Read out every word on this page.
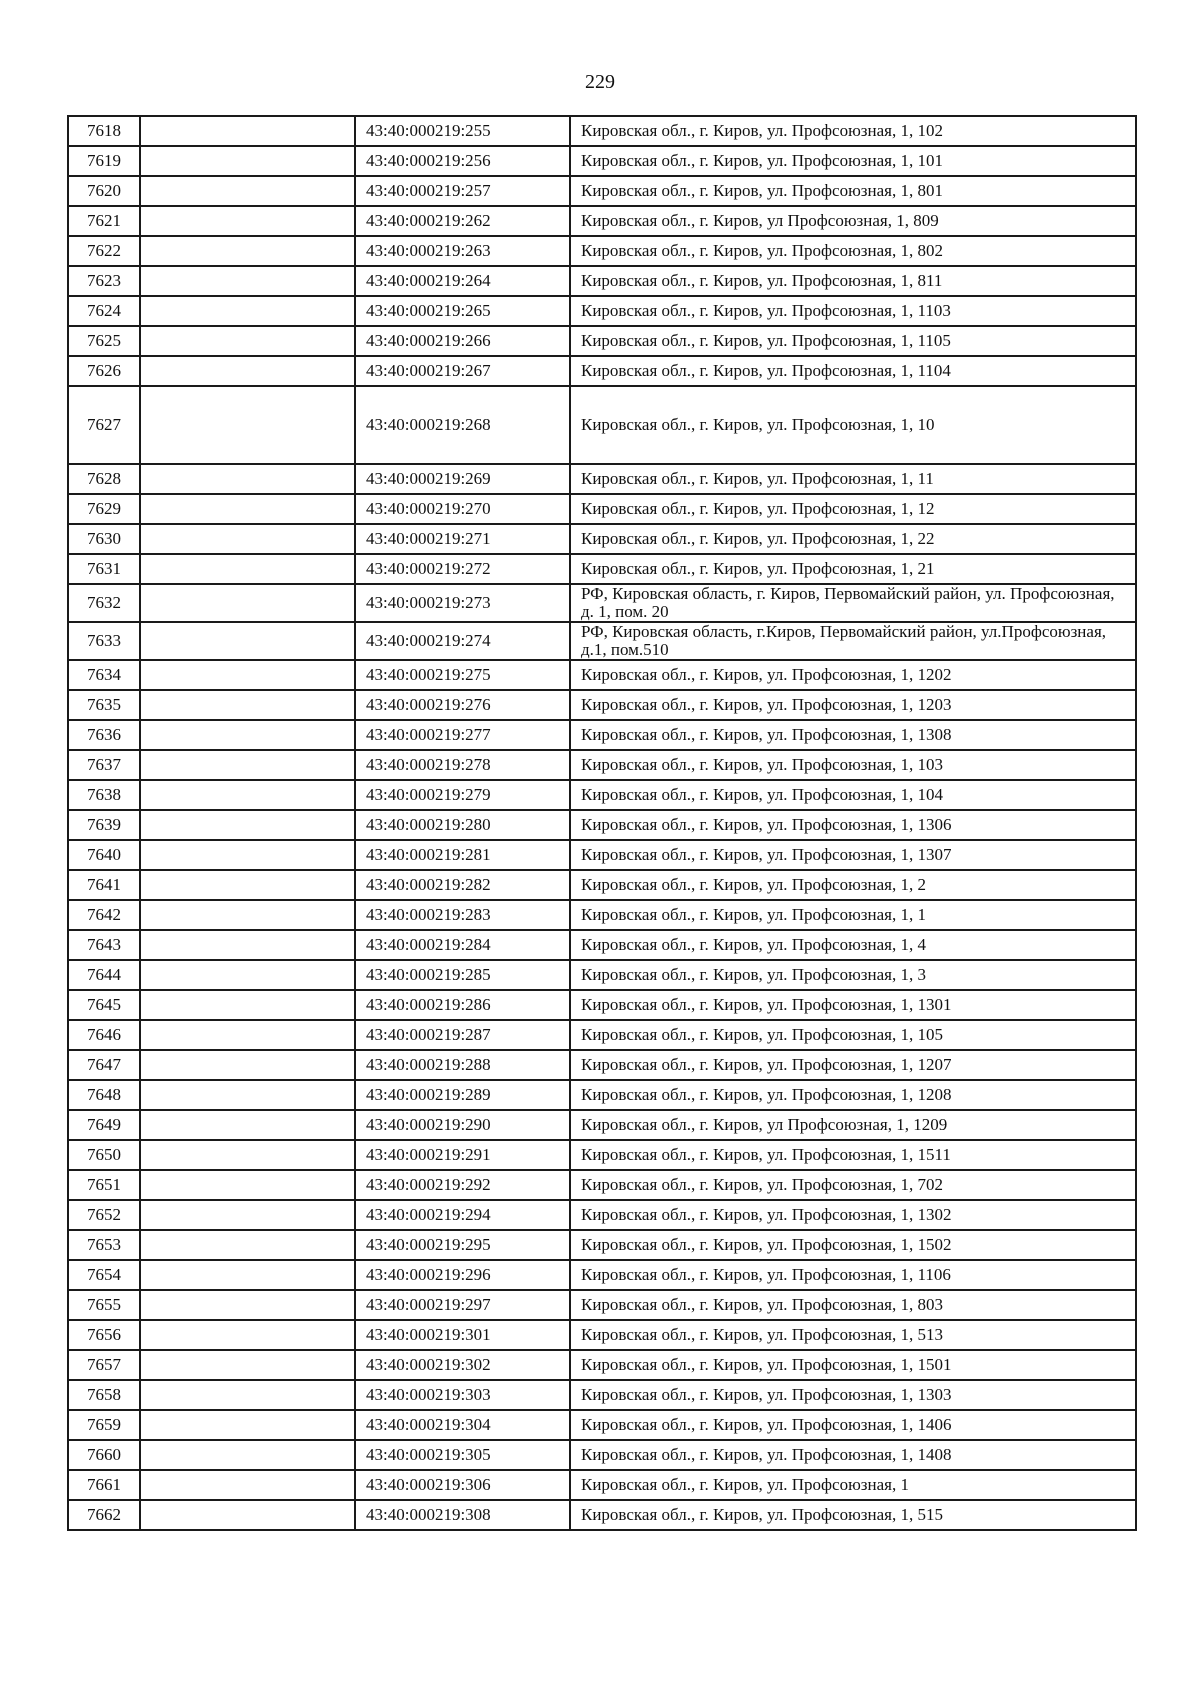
229
7618		43:40:000219:255	Кировская обл., г. Киров, ул. Профсоюзная, 1, 102
7619		43:40:000219:256	Кировская обл., г. Киров, ул. Профсоюзная, 1, 101
7620		43:40:000219:257	Кировская обл., г. Киров, ул. Профсоюзная, 1, 801
7621		43:40:000219:262	Кировская обл., г. Киров, ул Профсоюзная, 1, 809
7622		43:40:000219:263	Кировская обл., г. Киров, ул. Профсоюзная, 1, 802
7623		43:40:000219:264	Кировская обл., г. Киров, ул. Профсоюзная, 1, 811
7624		43:40:000219:265	Кировская обл., г. Киров, ул. Профсоюзная, 1, 1103
7625		43:40:000219:266	Кировская обл., г. Киров, ул. Профсоюзная, 1, 1105
7626		43:40:000219:267	Кировская обл., г. Киров, ул. Профсоюзная, 1, 1104
7627		43:40:000219:268	Кировская обл., г. Киров, ул. Профсоюзная, 1, 10
7628		43:40:000219:269	Кировская обл., г. Киров, ул. Профсоюзная, 1, 11
7629		43:40:000219:270	Кировская обл., г. Киров, ул. Профсоюзная, 1, 12
7630		43:40:000219:271	Кировская обл., г. Киров, ул. Профсоюзная, 1, 22
7631		43:40:000219:272	Кировская обл., г. Киров, ул. Профсоюзная, 1, 21
7632		43:40:000219:273	РФ, Кировская область, г. Киров, Первомайский район, ул. Профсоюзная, д. 1, пом. 20
7633		43:40:000219:274	РФ, Кировская область, г.Киров, Первомайский район, ул.Профсоюзная, д.1, пом.510
7634		43:40:000219:275	Кировская обл., г. Киров, ул. Профсоюзная, 1, 1202
7635		43:40:000219:276	Кировская обл., г. Киров, ул. Профсоюзная, 1, 1203
7636		43:40:000219:277	Кировская обл., г. Киров, ул. Профсоюзная, 1, 1308
7637		43:40:000219:278	Кировская обл., г. Киров, ул. Профсоюзная, 1, 103
7638		43:40:000219:279	Кировская обл., г. Киров, ул. Профсоюзная, 1, 104
7639		43:40:000219:280	Кировская обл., г. Киров, ул. Профсоюзная, 1, 1306
7640		43:40:000219:281	Кировская обл., г. Киров, ул. Профсоюзная, 1, 1307
7641		43:40:000219:282	Кировская обл., г. Киров, ул. Профсоюзная, 1, 2
7642		43:40:000219:283	Кировская обл., г. Киров, ул. Профсоюзная, 1, 1
7643		43:40:000219:284	Кировская обл., г. Киров, ул. Профсоюзная, 1, 4
7644		43:40:000219:285	Кировская обл., г. Киров, ул. Профсоюзная, 1, 3
7645		43:40:000219:286	Кировская обл., г. Киров, ул. Профсоюзная, 1, 1301
7646		43:40:000219:287	Кировская обл., г. Киров, ул. Профсоюзная, 1, 105
7647		43:40:000219:288	Кировская обл., г. Киров, ул. Профсоюзная, 1, 1207
7648		43:40:000219:289	Кировская обл., г. Киров, ул. Профсоюзная, 1, 1208
7649		43:40:000219:290	Кировская обл., г. Киров, ул Профсоюзная, 1, 1209
7650		43:40:000219:291	Кировская обл., г. Киров, ул. Профсоюзная, 1, 1511
7651		43:40:000219:292	Кировская обл., г. Киров, ул. Профсоюзная, 1, 702
7652		43:40:000219:294	Кировская обл., г. Киров, ул. Профсоюзная, 1, 1302
7653		43:40:000219:295	Кировская обл., г. Киров, ул. Профсоюзная, 1, 1502
7654		43:40:000219:296	Кировская обл., г. Киров, ул. Профсоюзная, 1, 1106
7655		43:40:000219:297	Кировская обл., г. Киров, ул. Профсоюзная, 1, 803
7656		43:40:000219:301	Кировская обл., г. Киров, ул. Профсоюзная, 1, 513
7657		43:40:000219:302	Кировская обл., г. Киров, ул. Профсоюзная, 1, 1501
7658		43:40:000219:303	Кировская обл., г. Киров, ул. Профсоюзная, 1, 1303
7659		43:40:000219:304	Кировская обл., г. Киров, ул. Профсоюзная, 1, 1406
7660		43:40:000219:305	Кировская обл., г. Киров, ул. Профсоюзная, 1, 1408
7661		43:40:000219:306	Кировская обл., г. Киров, ул. Профсоюзная, 1
7662		43:40:000219:308	Кировская обл., г. Киров, ул. Профсоюзная, 1, 515
